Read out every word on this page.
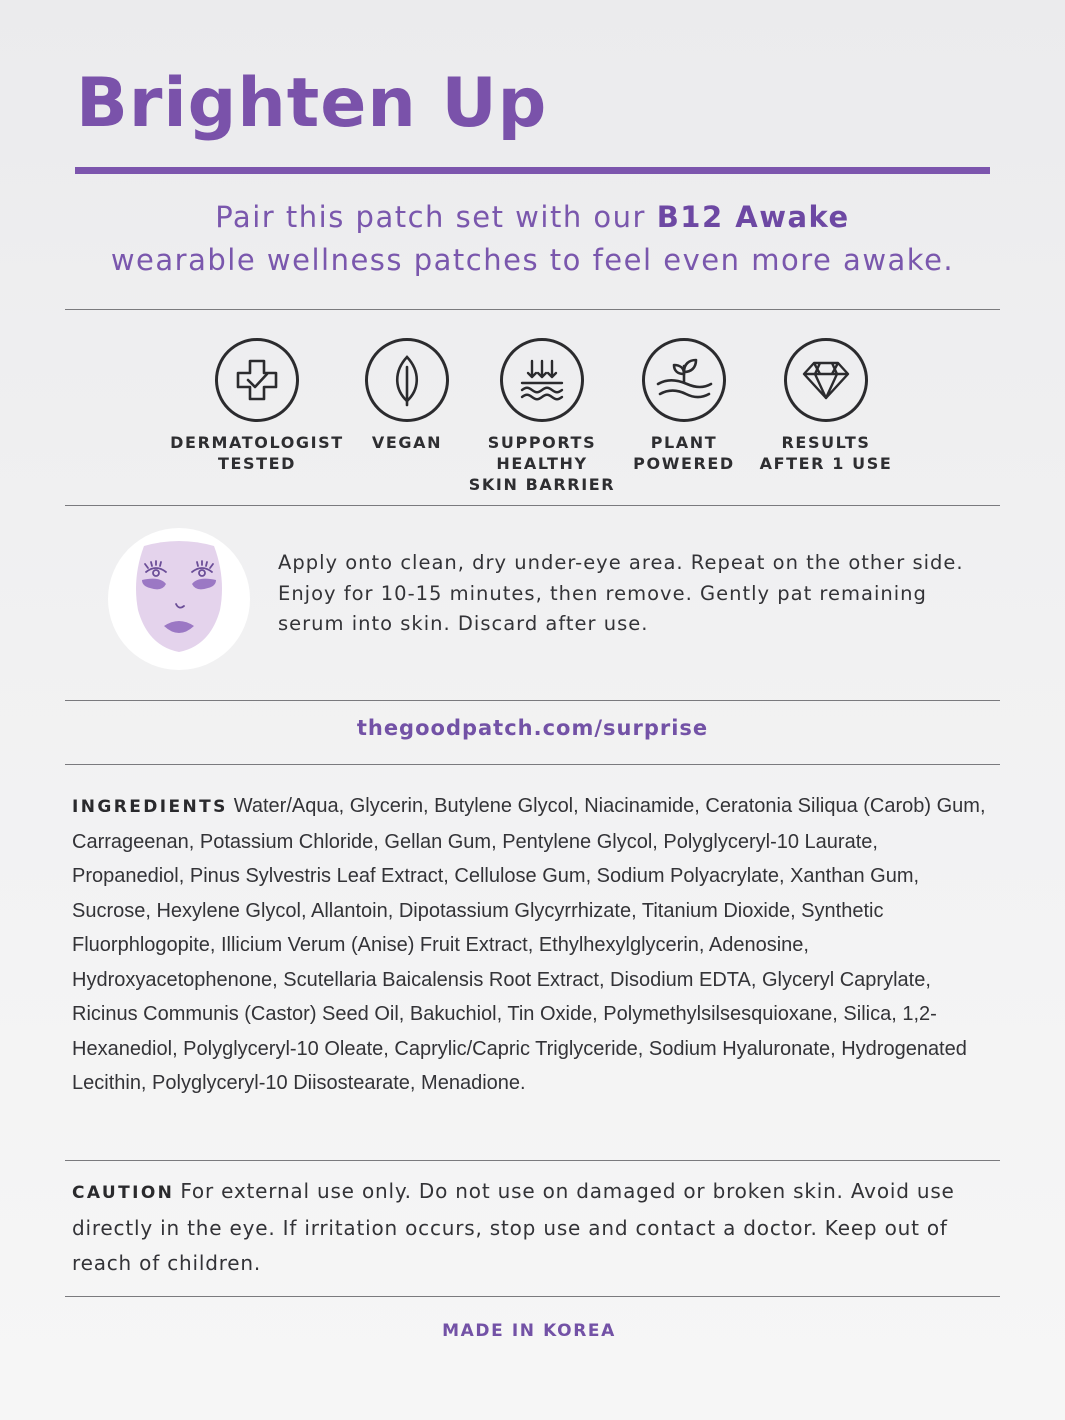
Brighten Up
Pair this patch set with our B12 Awake
wearable wellness patches to feel even more awake.
DERMATOLOGIST
TESTED
VEGAN	SUPPORTS
HEALTHY
SKIN BARRIER
PLANT
POWERED
RESULTS
AFTER 1 USE
Apply onto clean, dry under-eye area. Repeat on the other side. Enjoy for 10-15 minutes, then remove. Gently pat remaining serum into skin. Discard after use.
thegoodpatch.com/surprise
INGREDIENTS Water/Aqua, Glycerin, Butylene Glycol, Niacinamide, Ceratonia Siliqua (Carob) Gum, Carrageenan, Potassium Chloride, Gellan Gum, Pentylene Glycol, Polyglyceryl-10 Laurate, Propanediol, Pinus Sylvestris Leaf Extract, Cellulose Gum, Sodium Polyacrylate, Xanthan Gum, Sucrose, Hexylene Glycol, Allantoin, Dipotassium Glycyrrhizate, Titanium Dioxide, Synthetic Fluorphlogopite, Illicium Verum (Anise) Fruit Extract, Ethylhexylglycerin, Adenosine, Hydroxyacetophenone, Scutellaria Baicalensis Root Extract, Disodium EDTA, Glyceryl Caprylate, Ricinus Communis (Castor) Seed Oil, Bakuchiol, Tin Oxide, Polymethylsilsesquioxane, Silica, 1,2-Hexanediol, Polyglyceryl-10 Oleate, Caprylic/Capric Triglyceride, Sodium Hyaluronate, Hydrogenated Lecithin, Polyglyceryl-10 Diisostearate, Menadione.
CAUTION For external use only. Do not use on damaged or broken skin. Avoid use directly in the eye. If irritation occurs, stop use and contact a doctor. Keep out of reach of children.
MADE IN KOREA
